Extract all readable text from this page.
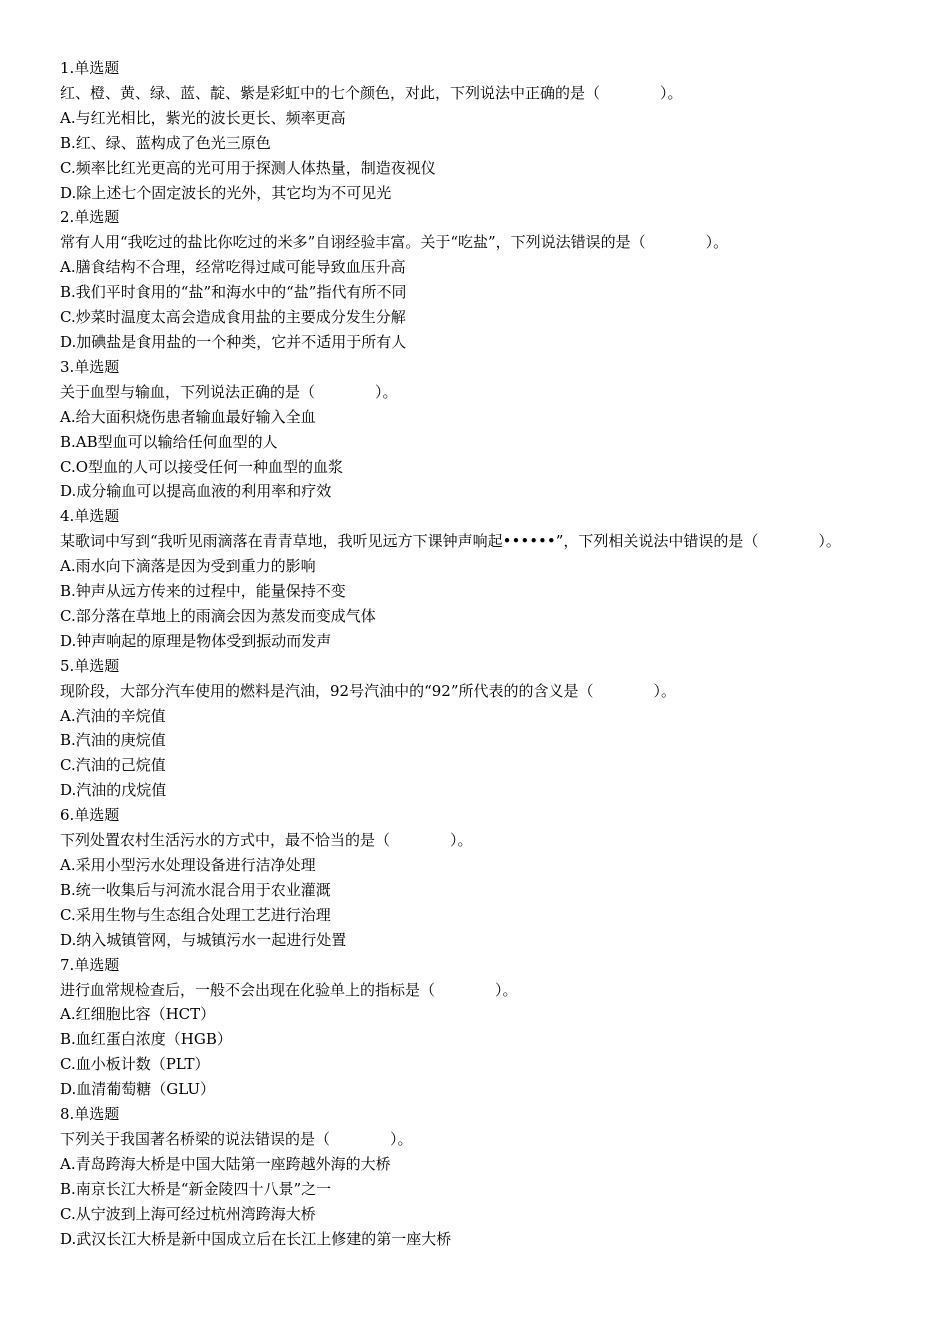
1.单选题

红、橙、黄、绿、蓝、靛、紫是彩虹中的七个颜色，对此，下列说法中正确的是（　　　　）。

A.与红光相比，紫光的波长更长、频率更高

B.红、绿、蓝构成了色光三原色

C.频率比红光更高的光可用于探测人体热量，制造夜视仪

D.除上述七个固定波长的光外，其它均为不可见光

2.单选题

常有人用“我吃过的盐比你吃过的米多”自诩经验丰富。关于“吃盐”，下列说法错误的是（　　　　）。

A.膳食结构不合理，经常吃得过咸可能导致血压升高

B.我们平时食用的“盐”和海水中的“盐”指代有所不同

C.炒菜时温度太高会造成食用盐的主要成分发生分解

D.加碘盐是食用盐的一个种类，它并不适用于所有人

3.单选题

关于血型与输血，下列说法正确的是（　　　　）。

A.给大面积烧伤患者输血最好输入全血

B.AB型血可以输给任何血型的人

C.O型血的人可以接受任何一种血型的血浆

D.成分输血可以提高血液的利用率和疗效

4.单选题

某歌词中写到“我听见雨滴落在青青草地，我听见远方下课钟声响起••••••”，下列相关说法中错误的是（　　　　）。

A.雨水向下滴落是因为受到重力的影响

B.钟声从远方传来的过程中，能量保持不变

C.部分落在草地上的雨滴会因为蒸发而变成气体

D.钟声响起的原理是物体受到振动而发声

5.单选题

现阶段，大部分汽车使用的燃料是汽油，92号汽油中的“92”所代表的的含义是（　　　　）。

A.汽油的辛烷值

B.汽油的庚烷值

C.汽油的己烷值

D.汽油的戊烷值

6.单选题

下列处置农村生活污水的方式中，最不恰当的是（　　　　）。

A.采用小型污水处理设备进行洁净处理

B.统一收集后与河流水混合用于农业灌溉

C.采用生物与生态组合处理工艺进行治理

D.纳入城镇管网，与城镇污水一起进行处置

7.单选题

进行血常规检查后，一般不会出现在化验单上的指标是（　　　　）。

A.红细胞比容（HCT）

B.血红蛋白浓度（HGB）

C.血小板计数（PLT）

D.血清葡萄糖（GLU）

8.单选题

下列关于我国著名桥梁的说法错误的是（　　　　）。

A.青岛跨海大桥是中国大陆第一座跨越外海的大桥

B.南京长江大桥是“新金陵四十八景”之一

C.从宁波到上海可经过杭州湾跨海大桥

D.武汉长江大桥是新中国成立后在长江上修建的第一座大桥
